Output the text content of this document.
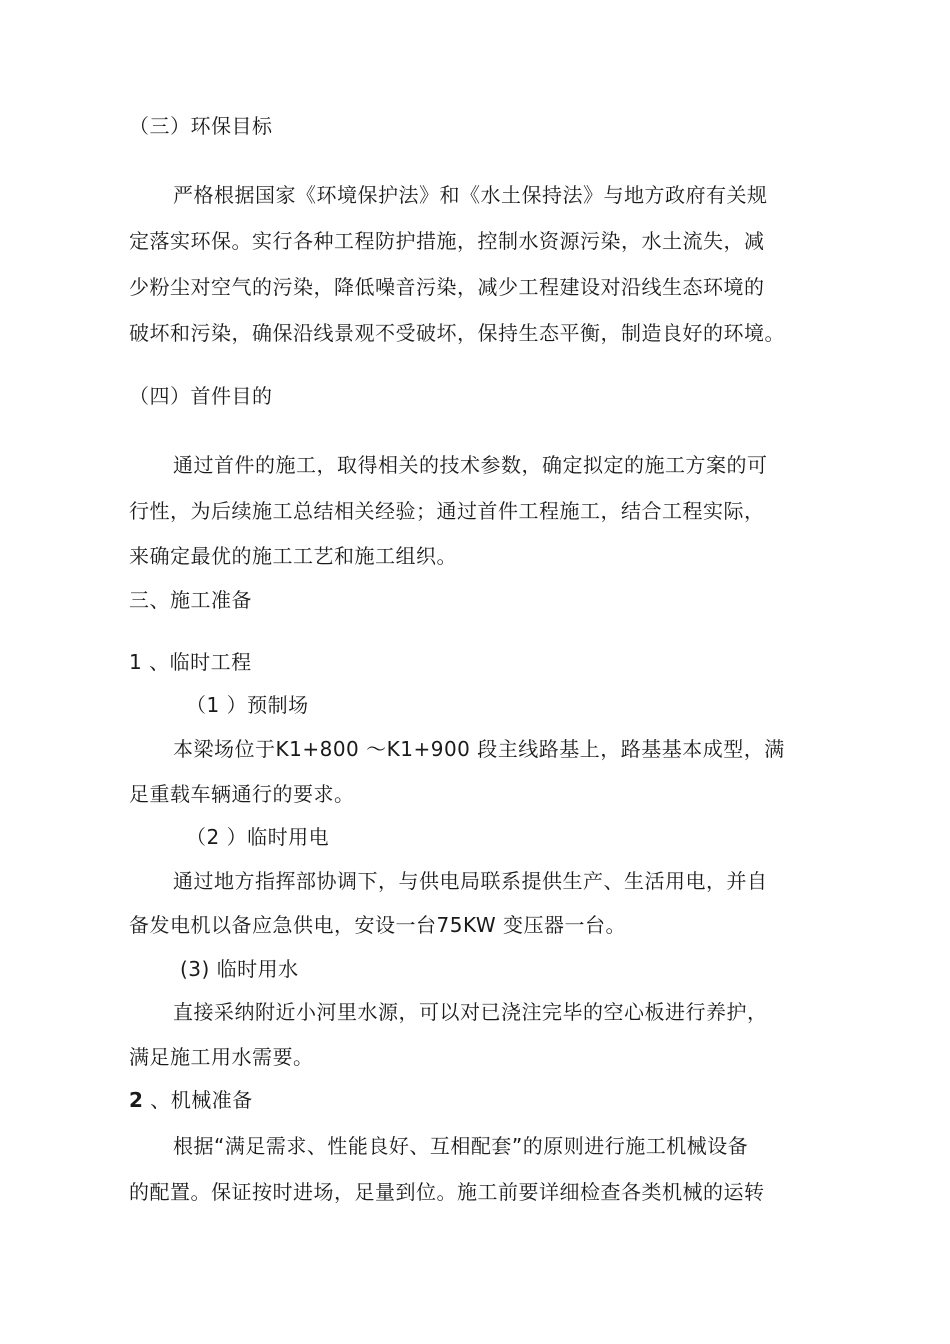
（三）环保目标
严格根据国家《环境保护法》和《水土保持法》与地方政府有关规
定落实环保。实行各种工程防护措施，控制水资源污染，水土流失，减
少粉尘对空气的污染，降低噪音污染，减少工程建设对沿线生态环境的
破坏和污染，确保沿线景观不受破坏，保持生态平衡，制造良好的环境。
（四）首件目的
通过首件的施工，取得相关的技术参数，确定拟定的施工方案的可
行性，为后续施工总结相关经验；通过首件工程施工，结合工程实际，
来确定最优的施工工艺和施工组织。
三、施工准备
1 、临时工程
（1 ）预制场
本梁场位于K1+800 ～K1+900 段主线路基上，路基基本成型，满
足重载车辆通行的要求。
（2 ）临时用电
通过地方指挥部协调下，与供电局联系提供生产、生活用电，并自
备发电机以备应急供电，安设一台75KW 变压器一台。
(3) 临时用水
直接采纳附近小河里水源，可以对已浇注完毕的空心板进行养护，
满足施工用水需要。
2 、机械准备
根据“满足需求、性能良好、互相配套”的原则进行施工机械设备
的配置。保证按时进场，足量到位。施工前要详细检查各类机械的运转
